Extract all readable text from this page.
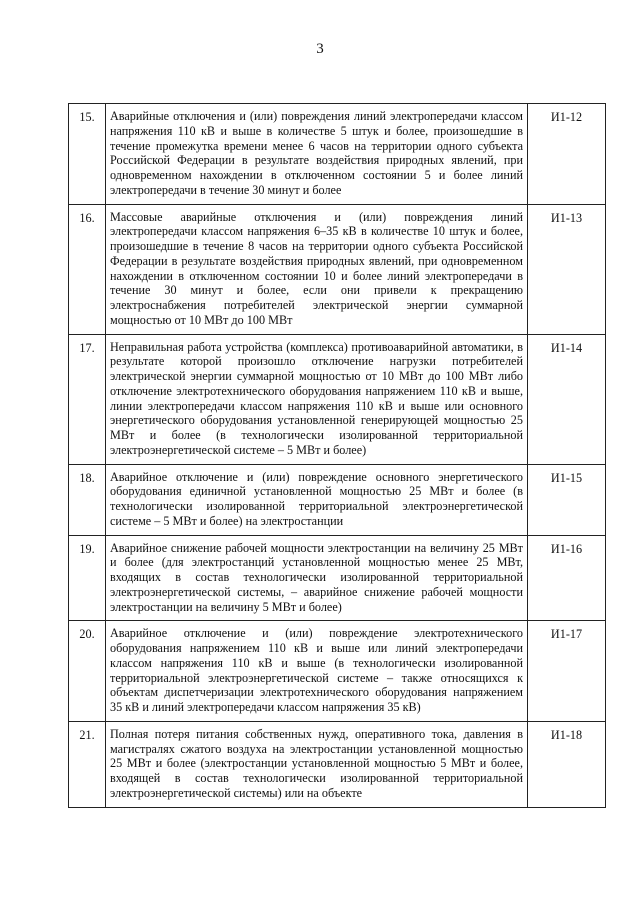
3
15.	Аварийные отключения и (или) повреждения линий электропередачи классом напряжения 110 кВ и выше в количестве 5 штук и более, произошедшие в течение промежутка времени менее 6 часов на территории одного субъекта Российской Федерации в результате воздействия природных явлений, при одновременном нахождении в отключенном состоянии 5 и более линий электропередачи в течение 30 минут и более	И1-12
16.	Массовые аварийные отключения и (или) повреждения линий электропередачи классом напряжения 6–35 кВ в количестве 10 штук и более, произошедшие в течение 8 часов на территории одного субъекта Российской Федерации в результате воздействия природных явлений, при одновременном нахождении в отключенном состоянии 10 и более линий электропередачи в течение 30 минут и более, если они привели к прекращению электроснабжения потребителей электрической энергии суммарной мощностью от 10 МВт до 100 МВт	И1-13
17.	Неправильная работа устройства (комплекса) противоаварийной автоматики, в результате которой произошло отключение нагрузки потребителей электрической энергии суммарной мощностью от 10 МВт до 100 МВт либо отключение электротехнического оборудования напряжением 110 кВ и выше, линии электропередачи классом напряжения 110 кВ и выше или основного энергетического оборудования установленной генерирующей мощностью 25 МВт и более (в технологически изолированной территориальной электроэнергетической системе – 5 МВт и более)	И1-14
18.	Аварийное отключение и (или) повреждение основного энергетического оборудования единичной установленной мощностью 25 МВт и более (в технологически изолированной территориальной электроэнергетической системе – 5 МВт и более) на электростанции	И1-15
19.	Аварийное снижение рабочей мощности электростанции на величину 25 МВт и более (для электростанций установленной мощностью менее 25 МВт, входящих в состав технологически изолированной территориальной электроэнергетической системы, – аварийное снижение рабочей мощности электростанции на величину 5 МВт и более)	И1-16
20.	Аварийное отключение и (или) повреждение электротехнического оборудования напряжением 110 кВ и выше или линий электропередачи классом напряжения 110 кВ и выше (в технологически изолированной территориальной электроэнергетической системе – также относящихся к объектам диспетчеризации электротехнического оборудования напряжением 35 кВ и линий электропередачи классом напряжения 35 кВ)	И1-17
21.	Полная потеря питания собственных нужд, оперативного тока, давления в магистралях сжатого воздуха на электростанции установленной мощностью 25 МВт и более (электростанции установленной мощностью 5 МВт и более, входящей в состав технологически изолированной территориальной электроэнергетической системы) или на объекте	И1-18
